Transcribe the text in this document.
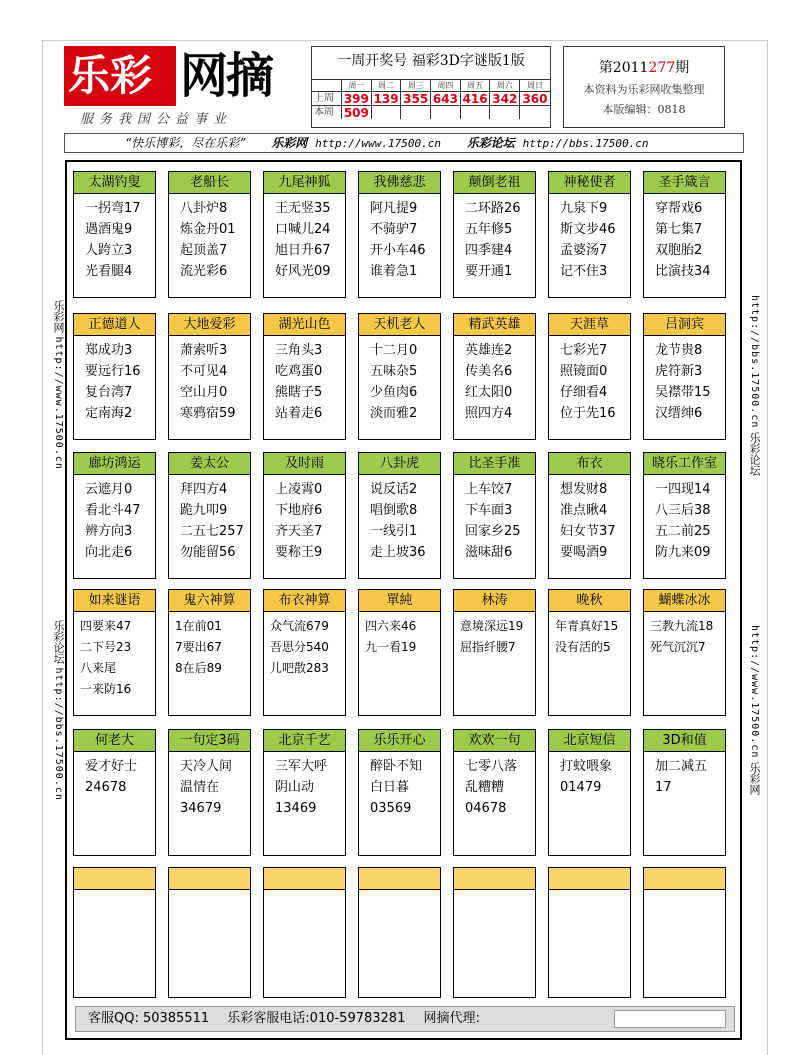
乐彩 网摘
服务我国公益事业
一周开奖号 福彩3D字谜版1版
周一	周二	周三	周四	周五	周六	周日
上周 399 139 355 643 416 342 360
本周 509
第2011277期
本资料为乐彩网收集整理
本版编辑：0818
“快乐博彩，尽在乐彩” 乐彩网 http://www.17500.cn 乐彩论坛 http://bbs.17500.cn
乐彩网 http://www.17500.cn
乐彩论坛 http://bbs.17500.cn
http://bbs.17500.cn 乐彩论坛
http://www.17500.cn 乐彩网
太湖钓叟
一拐弯17
遇酒鬼9
人跨立3
光看腿4
老船长
八卦炉8
炼金丹01
起顶盖7
流光彩6
九尾神狐
王无竖35
口喊儿24
旭日升67
好风光09
我佛慈悲
阿凡提9
不骑驴7
开小车46
谁着急1
颠倒老祖
二环路26
五年修5
四季建4
要开通1
神秘使者
九泉下9
斯文步46
孟婆汤7
记不住3
圣手箴言
穿帮戏6
第七集7
双胞胎2
比演技34
正德道人
郑成功3
要远行16
复台湾7
定南海2
大地爱彩
萧索听3
不可见4
空山月0
寒鸦宿59
湖光山色
三角头3
吃鸡蛋0
熊瞎子5
站着走6
天机老人
十二月0
五味杂5
少鱼肉6
淡而雅2
精武英雄
英雄连2
传美名6
红太阳0
照四方4
天涯草
七彩光7
照镜面0
仔细看4
位于先16
吕洞宾
龙节贵8
虎符新3
吴襟带15
汉缙绅6
廊坊鸿运
云遮月0
看北斗47
辨方向3
向北走6
姜太公
拜四方4
跪九叩9
二五七257
勿能留56
及时雨
上凌霄0
下地府6
齐天圣7
要称王9
八卦虎
说反话2
唱倒歌8
一线引1
走上坡36
比圣手准
上车饺7
下车面3
回家乡25
滋味甜6
布衣
想发财8
准点瞅4
妇女节37
要喝酒9
晓乐工作室
一四现14
八三后38
五二前25
防九来09
如来谜语
四要来47
二下号23
八来尾
一来防16
鬼六神算
1在前01
7要出67
8在后89
布衣神算
众气流679
吾思分540
儿吧散283
單純
四六来46
九一看19
林涛
意境深远19
屈指纤腰7
晚秋
年青真好15
没有活的5
蝴蝶冰冰
三教九流18
死气沉沉7
何老大
爱才好士
24678
一句定3码
天冷人间
温情在
34679
北京千艺
三军大呼
阴山动
13469
乐乐开心
醉卧不知
白日暮
03569
欢欢一句
七零八落
乱糟糟
04678
北京短信
打蚊喂象
01479
3D和值
加二减五
17
客服QQ: 50385511 乐彩客服电话:010-59783281 网摘代理:
